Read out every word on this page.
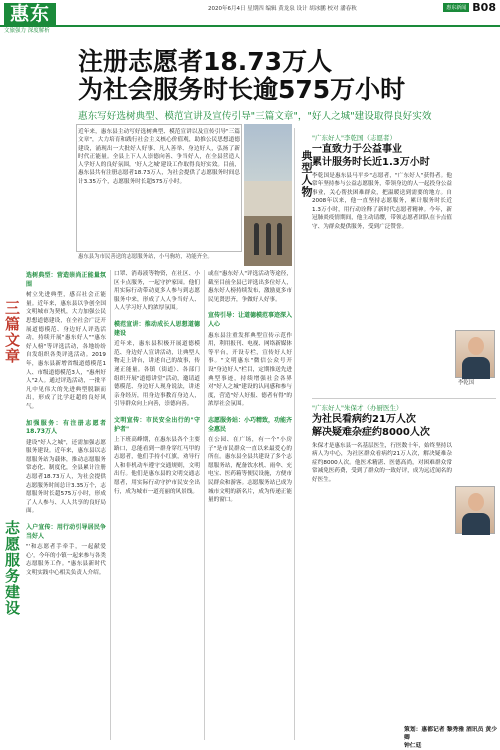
惠东
文旅强力 深度解析
2020年6月4日 星期四 编辑 黄龙泉 设计 胡冰鹏 校对 潘春秋	惠东新闻 B08
注册志愿者18.73万人
为社会服务时长逾575万小时
惠东写好选树典型、模范宣讲及宣传引导"三篇文章"，"好人之城"建设取得良好实效
近年来，惠东县主动写好选树典型、模范宣讲以及宣传引导"三篇文章"，大力培育和践行社会主义核心价值观，助推公民思想道德建设，涌现出一大批好人好事、凡人善举、身边好人，弘扬了新时代正能量。全县上下人人崇德向善、争当好人，在全县营造人人学好人的良好氛围，'好人之城'建设工作取得良好实效。目前，惠东县共有注册志愿者18.73万人，为社会提供了志愿服务时间总计3.35万个，志愿服务时长超575万小时。
惠东县为市民善送的志愿服务站，小马驹坊，功能齐全。
三篇文章
志愿服务建设
选树典型：营造崇尚正能量氛围
树立先进典型，感召社会正能量。近年来，惠东县以争创全国文明城市为契机，大力加强公民思想道德建设，在全社会广泛开展道德模范、身边好人评选活动，持续开展"惠东好人""惠东好人榜"等评选活动，各地纷纷自发组织各类评选活动。2019年，惠东县新增省级道德模范1人、市级道德模范3人，"惠州好人"2人。通过评选活动，一批平凡中见伟大的先进典型脱颖而出，形成了比学赶超的良好风气。
加强服务：有注册志愿者18.73万人
建设"好人之城"，还需加强志愿服务建设。近年来，惠东县以志愿服务站为载体，推动志愿服务常态化、制度化，全县累计注册志愿者18.73万人，为社会提供志愿服务时间总计3.35万个，志愿服务时长超575万小时，形成了人人参与、人人共享的良好局面。
入户宣传：用行动引导居民争当好人
"'和志愿者手牵手，一起献爱心'，今年的小镇一起来参与各类志愿服务工作。"惠东县新时代文明实践中心相关负责人介绍。
口罩、消毒液等物资，在社区、小区卡点服务，一起守护家园。他们用实际行动带动更多人参与到志愿服务中来，形成了人人争当好人、人人学习好人的浓厚氛围。
模范宣讲：推动成长人思想道德建设
近年来，惠东县积极开展道德模范、身边好人宣讲活动，让典型人物走上讲台，讲述自己的故事，传递正能量。各镇（街道）、各部门组织开展"道德讲堂"活动，邀请道德模范、身边好人现身说法，讲述亲身经历，用身边事教育身边人，引导群众向上向善，崇德向善。
文明宣传：市民安全出行的"守护者"
上下班高峰期，在惠东县各个主要路口，总能看到一群身穿红马甲的志愿者，他们手持小红旗，劝导行人和非机动车遵守交通规则，文明出行。他们是惠东县的文明交通志愿者，用实际行动守护市民安全出行，成为城市一道亮丽的风景线。
或在"惠东好人"评选活动等途径，截至目前全县已评选出多位好人，惠东好人榜持续发布，激励更多市民见贤思齐，争做好人好事。
宣传引导：让道德模范事迹深入人心
惠东县注重发挥典型宣传示范作用，利用报刊、电视、网络新媒体等平台，开设专栏，宣传好人好事。"文明惠东"微信公众号开设"身边好人"栏目，定期推送先进典型事迹，持续增强社会各界对"好人之城"建设的认同感和参与度，营造"好人好报、德者有得"的浓厚社会氛围。
志愿服务站：小巧精致，功能齐全惠民
在公园、在广场，有一个"小房子"是市民群众一直以来最爱心的所在。惠东县全县共建设了多个志愿服务站，配备饮水机、雨伞、充电宝、医药箱等便民设施，方便市民群众和游客。志愿服务站已成为城市文明的新名片，成为传递正能量的窗口。
典型人物
"广东好人"李乾国（志愿者）
一直致力于公益事业
累计服务时长近1.3万小时
李乾国是惠东县马平乡"志愿者，"广东好人"获得者。他常年坚持参与公益志愿服务，带领身边的人一起投身公益事业，关心帮扶困难群众，把温暖送到需要的地方。自2008年以来，他一直坚持志愿服务，累计服务时长近1.3万小时，用行动诠释了新时代志愿者精神。今年，新冠肺炎疫情期间，他主动请缨，带领志愿者团队在卡点值守、为群众提供服务，受到广泛赞誉。
李乾国
"广东好人"朱保才（办厨医生）
为社民看病约21万人次
解决疑难杂症约8000人次
朱保才是惠东县一名基层医生，行医数十年，始终坚持以病人为中心，为社区群众看病约21万人次，解决疑难杂症约8000人次。他医术精湛、医德高尚，对困难群众常常减免医药费，受到了群众的一致好评，成为远近闻名的好医生。
策划：惠都记者 黎秀雅 酒讯员 黄少卿
钟仁廷
